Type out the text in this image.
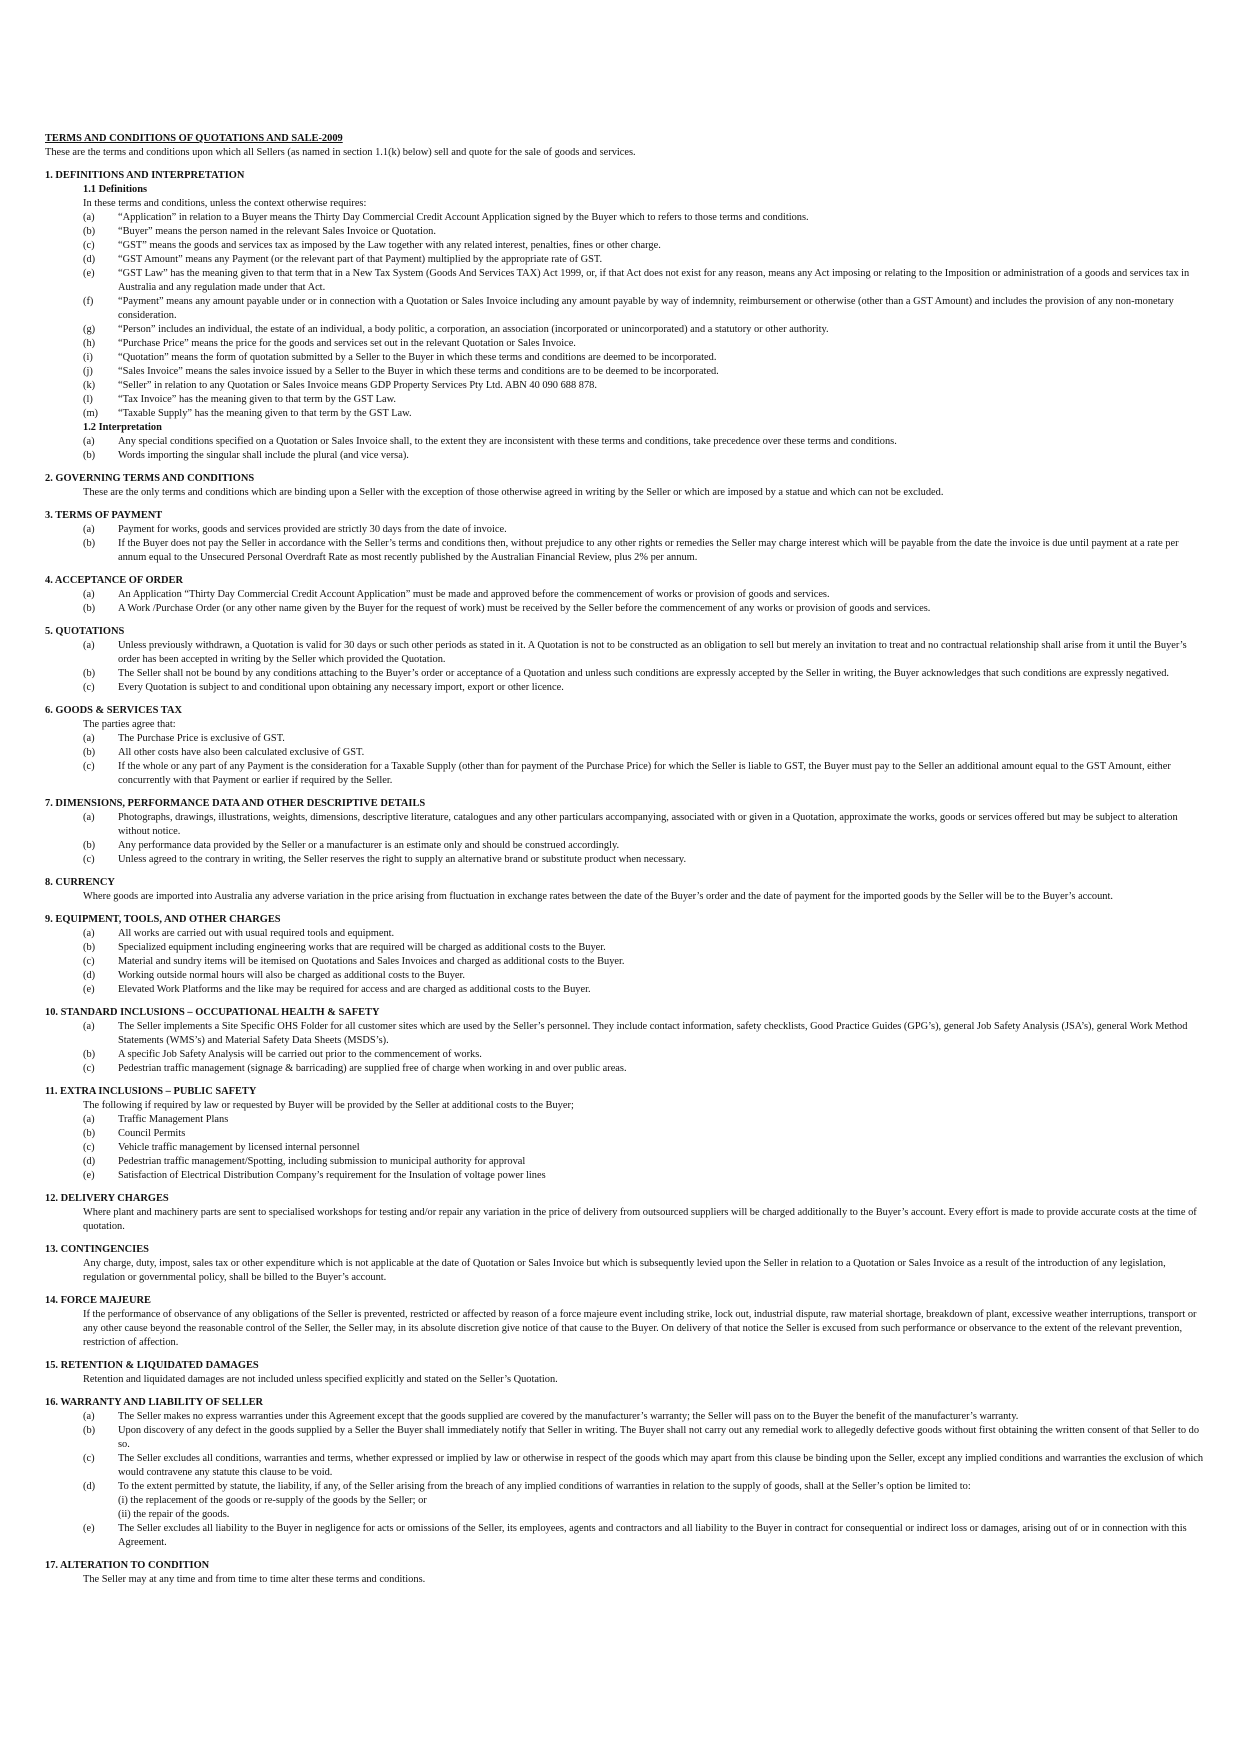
TERMS AND CONDITIONS OF QUOTATIONS AND SALE-2009
These are the terms and conditions upon which all Sellers (as named in section 1.1(k) below) sell and quote for the sale of goods and services.
1. DEFINITIONS AND INTERPRETATION
1.1 Definitions
In these terms and conditions, unless the context otherwise requires:
(a)	“Application” in relation to a Buyer means the Thirty Day Commercial Credit Account Application signed by the Buyer which to refers to those terms and conditions.
(b)	“Buyer” means the person named in the relevant Sales Invoice or Quotation.
(c)	“GST” means the goods and services tax as imposed by the Law together with any related interest, penalties, fines or other charge.
(d)	“GST Amount” means any Payment (or the relevant part of that Payment) multiplied by the appropriate rate of GST.
(e)	“GST Law” has the meaning given to that term that in a New Tax System (Goods And Services TAX) Act 1999, or, if that Act does not exist for any reason, means any Act imposing or relating to the Imposition or administration of a goods and services tax in Australia and any regulation made under that Act.
(f)	“Payment” means any amount payable under or in connection with a Quotation or Sales Invoice including any amount payable by way of indemnity, reimbursement or otherwise (other than a GST Amount) and includes the provision of any non-monetary consideration.
(g)	“Person” includes an individual, the estate of an individual, a body politic, a corporation, an association (incorporated or unincorporated) and a statutory or other authority.
(h)	“Purchase Price” means the price for the goods and services set out in the relevant Quotation or Sales Invoice.
(i)	“Quotation” means the form of quotation submitted by a Seller to the Buyer in which these terms and conditions are deemed to be incorporated.
(j)	“Sales Invoice” means the sales invoice issued by a Seller to the Buyer in which these terms and conditions are to be deemed to be incorporated.
(k)	“Seller” in relation to any Quotation or Sales Invoice means GDP Property Services Pty Ltd. ABN 40 090 688 878.
(l)	“Tax Invoice” has the meaning given to that term by the GST Law.
(m)	“Taxable Supply” has the meaning given to that term by the GST Law.
1.2 Interpretation
(a)	Any special conditions specified on a Quotation or Sales Invoice shall, to the extent they are inconsistent with these terms and conditions, take precedence over these terms and conditions.
(b)	Words importing the singular shall include the plural (and vice versa).
2. GOVERNING TERMS AND CONDITIONS
These are the only terms and conditions which are binding upon a Seller with the exception of those otherwise agreed in writing by the Seller or which are imposed by a statue and which can not be excluded.
3. TERMS OF PAYMENT
(a)	Payment for works, goods and services provided are strictly 30 days from the date of invoice.
(b)	If the Buyer does not pay the Seller in accordance with the Seller’s terms and conditions then, without prejudice to any other rights or remedies the Seller may charge interest which will be payable from the date the invoice is due until payment at a rate per annum equal to the Unsecured Personal Overdraft Rate as most recently published by the Australian Financial Review, plus 2% per annum.
4. ACCEPTANCE OF ORDER
(a)	An Application “Thirty Day Commercial Credit Account Application” must be made and approved before the commencement of works or provision of goods and services.
(b)	A Work /Purchase Order (or any other name given by the Buyer for the request of work) must be received by the Seller before the commencement of any works or provision of goods and services.
5. QUOTATIONS
(a)	Unless previously withdrawn, a Quotation is valid for 30 days or such other periods as stated in it. A Quotation is not to be constructed as an obligation to sell but merely an invitation to treat and no contractual relationship shall arise from it until the Buyer’s order has been accepted in writing by the Seller which provided the Quotation.
(b)	The Seller shall not be bound by any conditions attaching to the Buyer’s order or acceptance of a Quotation and unless such conditions are expressly accepted by the Seller in writing, the Buyer acknowledges that such conditions are expressly negatived.
(c)	Every Quotation is subject to and conditional upon obtaining any necessary import, export or other licence.
6. GOODS & SERVICES TAX
The parties agree that:
(a)	The Purchase Price is exclusive of GST.
(b)	All other costs have also been calculated exclusive of GST.
(c)	If the whole or any part of any Payment is the consideration for a Taxable Supply (other than for payment of the Purchase Price) for which the Seller is liable to GST, the Buyer must pay to the Seller an additional amount equal to the GST Amount, either concurrently with that Payment or earlier if required by the Seller.
7. DIMENSIONS, PERFORMANCE DATA AND OTHER DESCRIPTIVE DETAILS
(a)	Photographs, drawings, illustrations, weights, dimensions, descriptive literature, catalogues and any other particulars accompanying, associated with or given in a Quotation, approximate the works, goods or services offered but may be subject to alteration without notice.
(b)	Any performance data provided by the Seller or a manufacturer is an estimate only and should be construed accordingly.
(c)	Unless agreed to the contrary in writing, the Seller reserves the right to supply an alternative brand or substitute product when necessary.
8. CURRENCY
Where goods are imported into Australia any adverse variation in the price arising from fluctuation in exchange rates between the date of the Buyer’s order and the date of payment for the imported goods by the Seller will be to the Buyer’s account.
9. EQUIPMENT, TOOLS, AND OTHER CHARGES
(a)	All works are carried out with usual required tools and equipment.
(b)	Specialized equipment including engineering works that are required will be charged as additional costs to the Buyer.
(c)	Material and sundry items will be itemised on Quotations and Sales Invoices and charged as additional costs to the Buyer.
(d)	Working outside normal hours will also be charged as additional costs to the Buyer.
(e)	Elevated Work Platforms and the like may be required for access and are charged as additional costs to the Buyer.
10. STANDARD INCLUSIONS – OCCUPATIONAL HEALTH & SAFETY
(a)	The Seller implements a Site Specific OHS Folder for all customer sites which are used by the Seller’s personnel. They include contact information, safety checklists, Good Practice Guides (GPG’s), general Job Safety Analysis (JSA’s), general Work Method Statements (WMS’s) and Material Safety Data Sheets (MSDS’s).
(b)	A specific Job Safety Analysis will be carried out prior to the commencement of works.
(c)	Pedestrian traffic management (signage & barricading) are supplied free of charge when working in and over public areas.
11. EXTRA INCLUSIONS – PUBLIC SAFETY
The following if required by law or requested by Buyer will be provided by the Seller at additional costs to the Buyer;
(a)	Traffic Management Plans
(b)	Council Permits
(c)	Vehicle traffic management by licensed internal personnel
(d)	Pedestrian traffic management/Spotting, including submission to municipal authority for approval
(e)	Satisfaction of Electrical Distribution Company’s requirement for the Insulation of voltage power lines
12. DELIVERY CHARGES
Where plant and machinery parts are sent to specialised workshops for testing and/or repair any variation in the price of delivery from outsourced suppliers will be charged additionally to the Buyer’s account. Every effort is made to provide accurate costs at the time of quotation.
13. CONTINGENCIES
Any charge, duty, impost, sales tax or other expenditure which is not applicable at the date of Quotation or Sales Invoice but which is subsequently levied upon the Seller in relation to a Quotation or Sales Invoice as a result of the introduction of any legislation, regulation or governmental policy, shall be billed to the Buyer’s account.
14. FORCE MAJEURE
If the performance of observance of any obligations of the Seller is prevented, restricted or affected by reason of a force majeure event including strike, lock out, industrial dispute, raw material shortage, breakdown of plant, excessive weather interruptions, transport or any other cause beyond the reasonable control of the Seller, the Seller may, in its absolute discretion give notice of that cause to the Buyer. On delivery of that notice the Seller is excused from such performance or observance to the extent of the relevant prevention, restriction of affection.
15. RETENTION & LIQUIDATED DAMAGES
Retention and liquidated damages are not included unless specified explicitly and stated on the Seller’s Quotation.
16. WARRANTY AND LIABILITY OF SELLER
(a)	The Seller makes no express warranties under this Agreement except that the goods supplied are covered by the manufacturer’s warranty; the Seller will pass on to the Buyer the benefit of the manufacturer’s warranty.
(b)	Upon discovery of any defect in the goods supplied by a Seller the Buyer shall immediately notify that Seller in writing. The Buyer shall not carry out any remedial work to allegedly defective goods without first obtaining the written consent of that Seller to do so.
(c)	The Seller excludes all conditions, warranties and terms, whether expressed or implied by law or otherwise in respect of the goods which may apart from this clause be binding upon the Seller, except any implied conditions and warranties the exclusion of which would contravene any statute this clause to be void.
(d)	To the extent permitted by statute, the liability, if any, of the Seller arising from the breach of any implied conditions of warranties in relation to the supply of goods, shall at the Seller’s option be limited to:
(i) the replacement of the goods or re-supply of the goods by the Seller; or
(ii) the repair of the goods.
(e)	The Seller excludes all liability to the Buyer in negligence for acts or omissions of the Seller, its employees, agents and contractors and all liability to the Buyer in contract for consequential or indirect loss or damages, arising out of or in connection with this Agreement.
17. ALTERATION TO CONDITION
The Seller may at any time and from time to time alter these terms and conditions.
